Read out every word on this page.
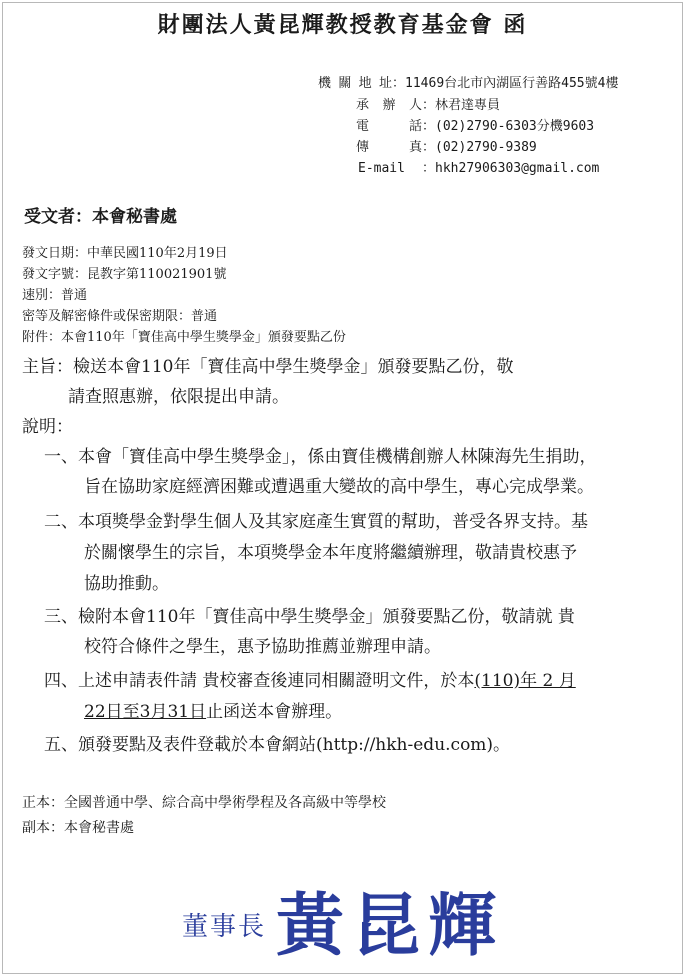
財團法人黃昆輝教授教育基金會 函
機關地址：11469台北市內湖區行善路455號4樓
承 辦 人：林君達專員
電 話：(02)2790-6303分機9603
傳 真：(02)2790-9389
E-mail ：hkh27906303@gmail.com
受文者：本會秘書處
發文日期：中華民國110年2月19日
發文字號：昆教字第110021901號
速別：普通
密等及解密條件或保密期限：普通
附件：本會110年「寶佳高中學生獎學金」頒發要點乙份
主旨：檢送本會110年「寶佳高中學生獎學金」頒發要點乙份，敬
請查照惠辦，依限提出申請。
說明：
一、本會「寶佳高中學生獎學金」，係由寶佳機構創辦人林陳海先生捐助，
旨在協助家庭經濟困難或遭遇重大變故的高中學生，專心完成學業。
二、本項獎學金對學生個人及其家庭產生實質的幫助，普受各界支持。基
於關懷學生的宗旨，本項獎學金本年度將繼續辦理，敬請貴校惠予
協助推動。
三、檢附本會110年「寶佳高中學生獎學金」頒發要點乙份，敬請就 貴
校符合條件之學生，惠予協助推薦並辦理申請。
四、上述申請表件請 貴校審查後連同相關證明文件，於本(110)年 2 月
22日至3月31日止函送本會辦理。
五、頒發要點及表件登載於本會網站(http://hkh-edu.com)。
正本：全國普通中學、綜合高中學術學程及各高級中等學校
副本：本會秘書處
董事長 黃昆輝
